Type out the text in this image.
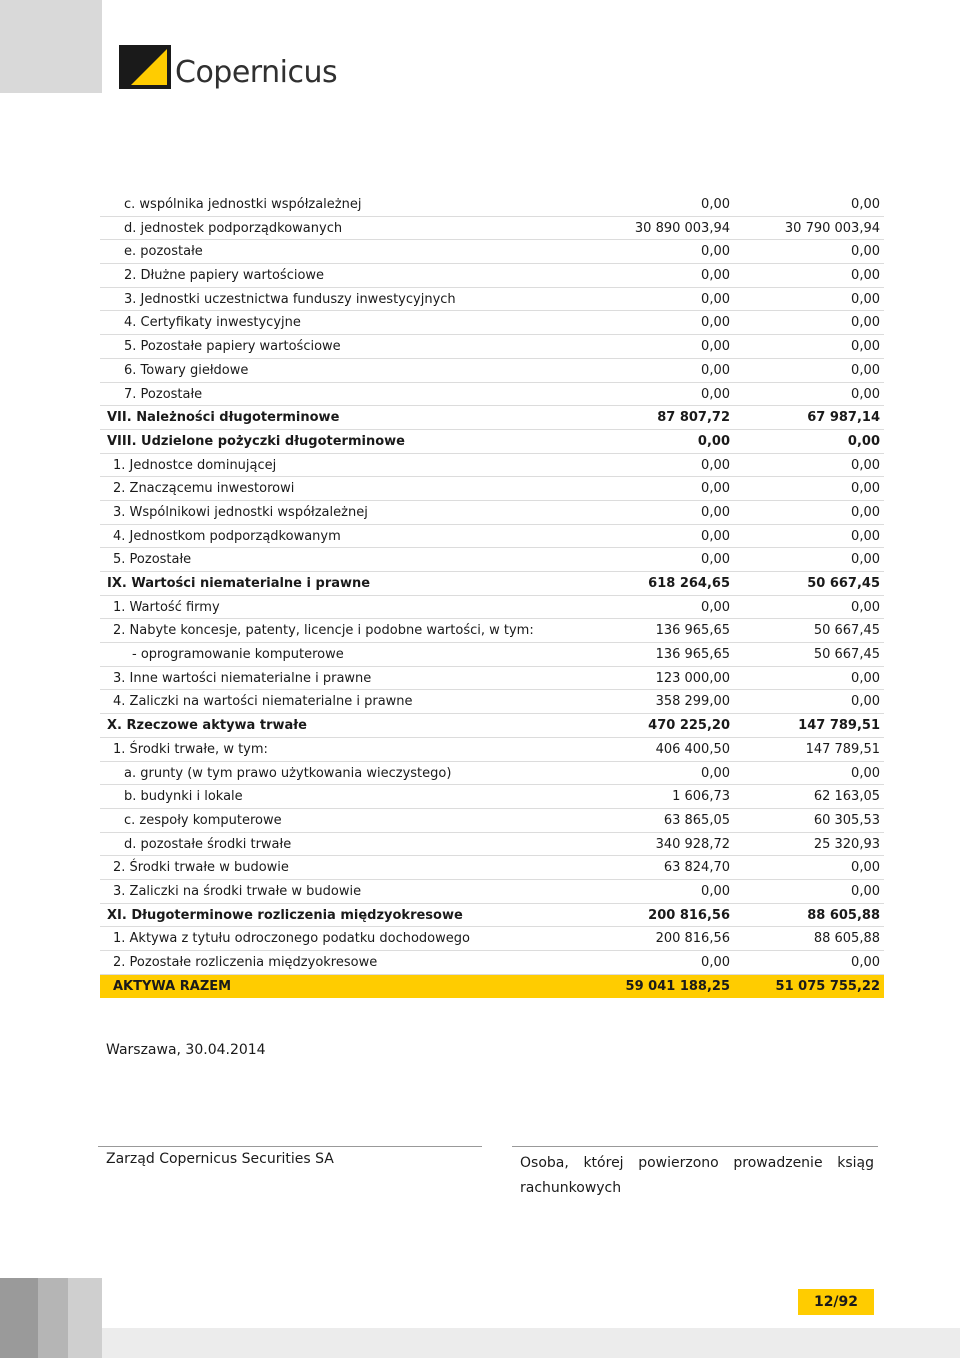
Copernicus
c. wspólnika jednostki współzależnej	0,00	0,00
d. jednostek podporządkowanych	30 890 003,94	30 790 003,94
e. pozostałe	0,00	0,00
2. Dłużne papiery wartościowe	0,00	0,00
3. Jednostki uczestnictwa funduszy inwestycyjnych	0,00	0,00
4. Certyfikaty inwestycyjne	0,00	0,00
5. Pozostałe papiery wartościowe	0,00	0,00
6. Towary giełdowe	0,00	0,00
7. Pozostałe	0,00	0,00
VII. Należności długoterminowe	87 807,72	67 987,14
VIII. Udzielone pożyczki długoterminowe	0,00	0,00
1. Jednostce dominującej	0,00	0,00
2. Znaczącemu inwestorowi	0,00	0,00
3. Wspólnikowi jednostki współzależnej	0,00	0,00
4. Jednostkom podporządkowanym	0,00	0,00
5. Pozostałe	0,00	0,00
IX. Wartości niematerialne i prawne	618 264,65	50 667,45
1. Wartość firmy	0,00	0,00
2. Nabyte koncesje, patenty, licencje i podobne wartości, w tym:	136 965,65	50 667,45
- oprogramowanie komputerowe	136 965,65	50 667,45
3. Inne wartości niematerialne i prawne	123 000,00	0,00
4. Zaliczki na wartości niematerialne i prawne	358 299,00	0,00
X. Rzeczowe aktywa trwałe	470 225,20	147 789,51
1. Środki trwałe, w tym:	406 400,50	147 789,51
a. grunty (w tym prawo użytkowania wieczystego)	0,00	0,00
b. budynki i lokale	1 606,73	62 163,05
c. zespoły komputerowe	63 865,05	60 305,53
d. pozostałe środki trwałe	340 928,72	25 320,93
2. Środki trwałe w budowie	63 824,70	0,00
3. Zaliczki na środki trwałe w budowie	0,00	0,00
XI. Długoterminowe rozliczenia międzyokresowe	200 816,56	88 605,88
1. Aktywa z tytułu odroczonego podatku dochodowego	200 816,56	88 605,88
2. Pozostałe rozliczenia międzyokresowe	0,00	0,00
AKTYWA RAZEM	59 041 188,25	51 075 755,22
Warszawa, 30.04.2014
Zarząd Copernicus Securities SA	Osoba, której powierzono prowadzenie ksiąg
rachunkowych
12/92
